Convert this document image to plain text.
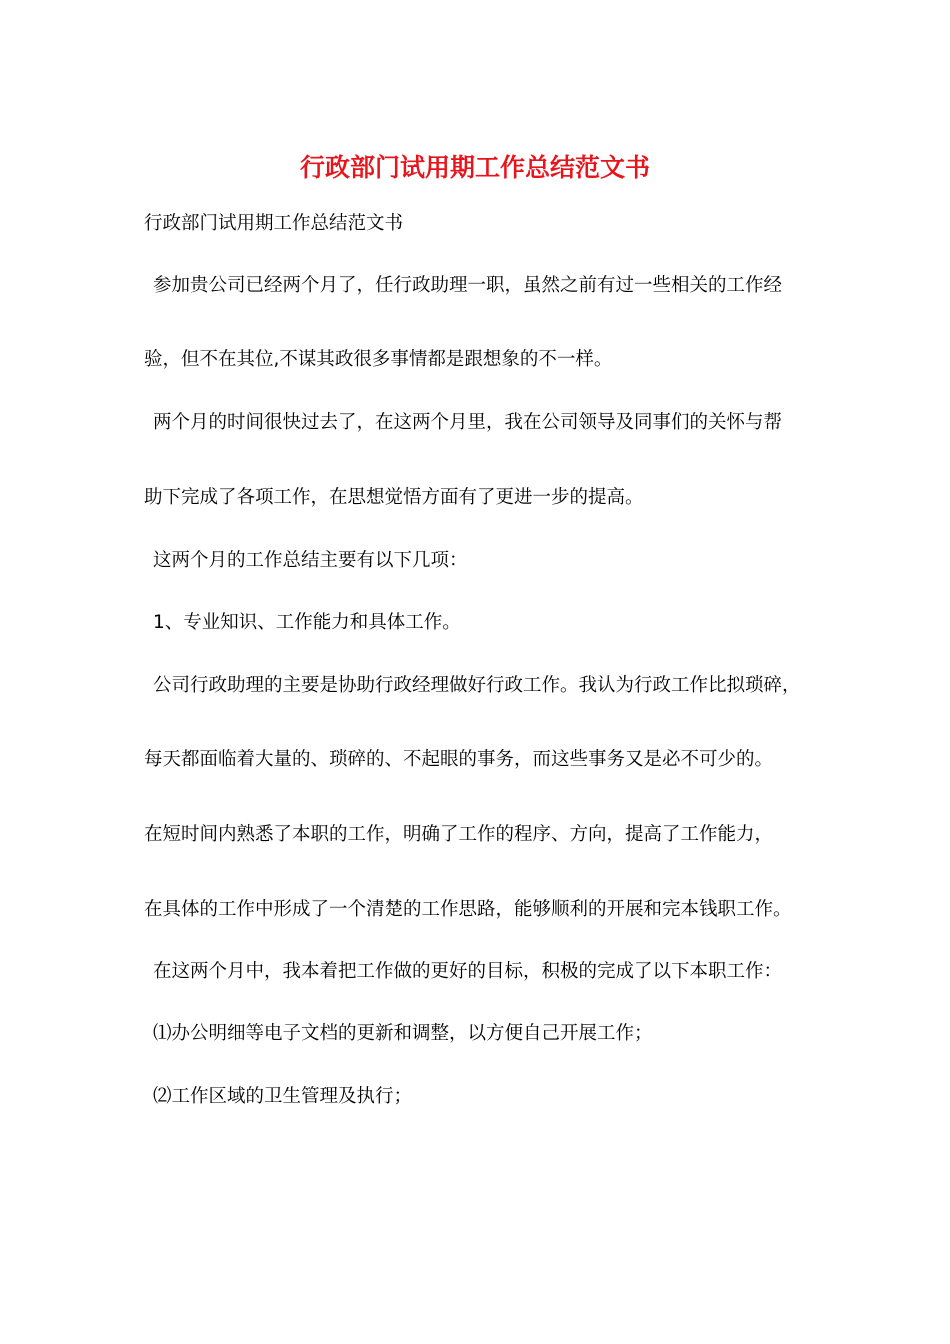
行政部门试用期工作总结范文书
行政部门试用期工作总结范文书
参加贵公司已经两个月了，任行政助理一职，虽然之前有过一些相关的工作经
验，但不在其位,不谋其政很多事情都是跟想象的不一样。
两个月的时间很快过去了，在这两个月里，我在公司领导及同事们的关怀与帮
助下完成了各项工作，在思想觉悟方面有了更进一步的提高。
这两个月的工作总结主要有以下几项：
1、专业知识、工作能力和具体工作。
公司行政助理的主要是协助行政经理做好行政工作。我认为行政工作比拟琐碎，
每天都面临着大量的、琐碎的、不起眼的事务，而这些事务又是必不可少的。
在短时间内熟悉了本职的工作，明确了工作的程序、方向，提高了工作能力，
在具体的工作中形成了一个清楚的工作思路，能够顺利的开展和完本钱职工作。
在这两个月中，我本着把工作做的更好的目标，积极的完成了以下本职工作：
⑴办公明细等电子文档的更新和调整，以方便自己开展工作；
⑵工作区域的卫生管理及执行；
